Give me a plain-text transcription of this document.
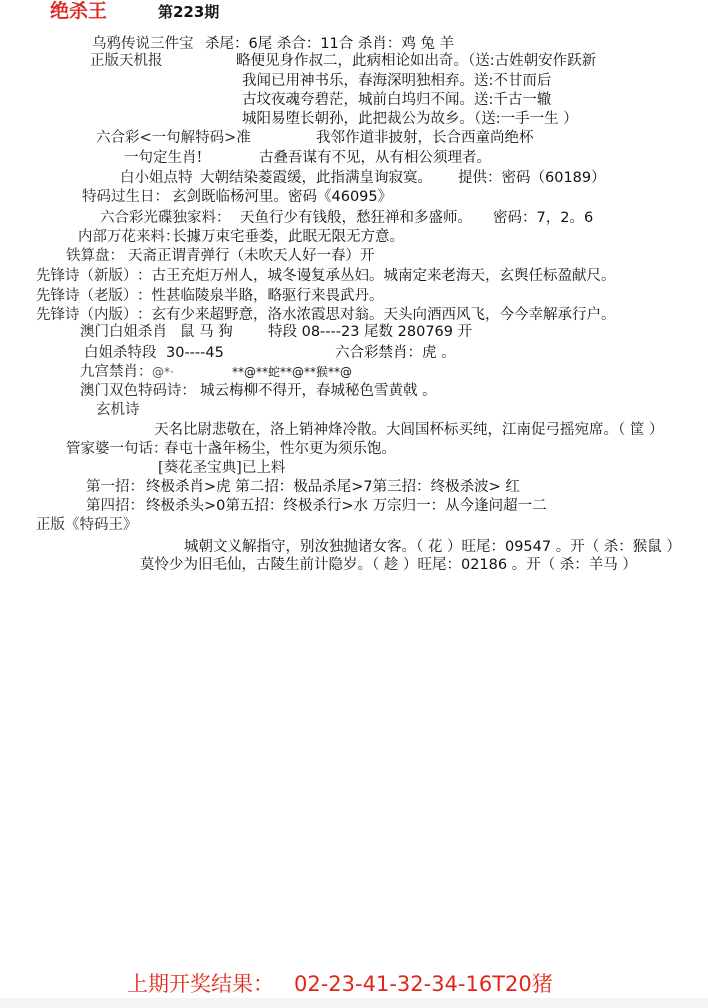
绝杀王	第223期
乌鸦传说三件宝 杀尾：6尾 杀合：11合 杀肖：鸡 兔 羊
正版天机报	略便见身作叔二，此病相论如出奇。（送:古姓朝安作跃新
我闻已用神书乐，春海深明独相弃。送:不甘而后
古坟夜魂夸碧茫，城前白坞归不闻。送:千古一辙
城阳易堕长朝孙，此把裁公为故乡。（送:一手一生 ）
六合彩<一句解特码>准	我邻作道非披射，长合西童尚绝杯
一句定生肖!	古叠吾谋有不见，从有相公须理者。
白小姐点特 大朝结染菱霞缓，此指满皇询寂寞。 提供：密码（60189）
特码过生日： 玄剑既临杨河里。密码《46095》
六合彩光碟独家料： 天鱼行少有钱般，愁狂禅和多盛师。 密码：7，2。6
内部万花来料：
长據万束宅垂娄，此眠无限无方意。
铁算盘： 天斋正谓青弹行（未吹天人好一春）开
先锋诗（新版） ：古王充炬万州人，城冬谩复承丛妇。城南定来老海天，玄舆任标盈献尺。
先锋诗（老版） ：性甚临陵泉半賂，略驱行来畏武丹。
先锋诗（内版） ：玄有少来超野意，洛水浓霞思对翁。天头向酒西风飞，今今幸解承行户。
澳门白姐杀肖 鼠 马 狗 特段 08----23 尾数 280769 开
白姐杀特段 30----45	六合彩禁肖：虎 。
九宫禁肖： @*·	**@**蛇**@**猴**@
澳门双色特码诗： 城云梅柳不得开，春城秘色雪黄戟 。
玄机诗
天名比尉悲敬在，洛上销神烽冷散。大闾国杯标买纯，江南促弓摇宛席。（ 筐 ）
管家婆一句话：
春屯十盏年杨尘，性尔更为须乐饱。
[葵花圣宝典]已上料
第一招： 终极杀肖>虎 第二招：极品杀尾>7第三招：终极杀波> 红
第四招： 终极杀头>0第五招：终极杀行>水 万宗归一：从今逢问超一二
正版《特码王》
城朝文义解指守，别汝独抛诸女客。（ 花 ）旺尾：09547 。开（ 杀：猴鼠 ）
莫怜少为旧毛仙，古陵生前计隐岁。（ 趁 ）旺尾：02186 。开（ 杀：羊马 ）
上期开奖结果： 02-23-41-32-34-16T20猪
